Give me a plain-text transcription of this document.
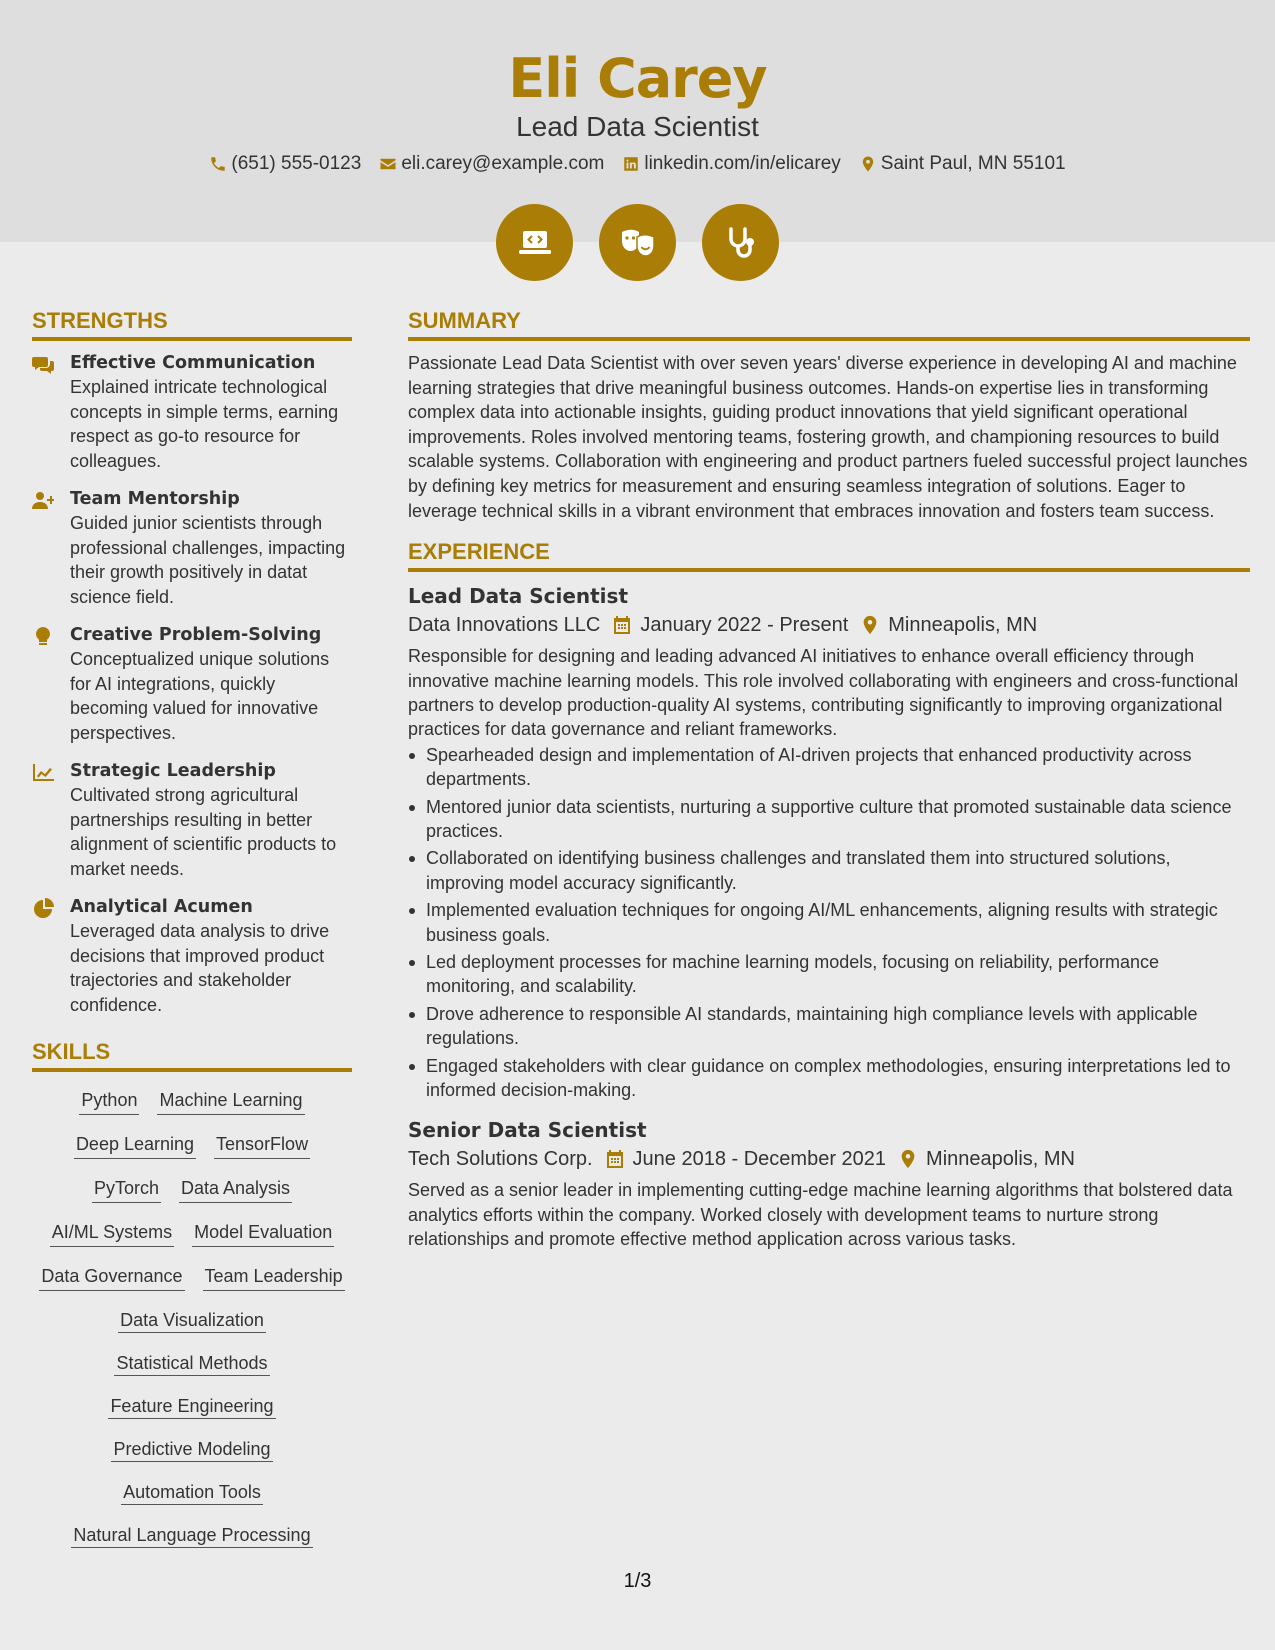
Eli Carey
Lead Data Scientist
(651) 555-0123 eli.carey@example.com linkedin.com/in/elicarey Saint Paul, MN 55101
STRENGTHS
Effective Communication
Explained intricate technological concepts in simple terms, earning respect as go-to resource for colleagues.
Team Mentorship
Guided junior scientists through professional challenges, impacting their growth positively in datat science field.
Creative Problem-Solving
Conceptualized unique solutions for AI integrations, quickly becoming valued for innovative perspectives.
Strategic Leadership
Cultivated strong agricultural partnerships resulting in better alignment of scientific products to market needs.
Analytical Acumen
Leveraged data analysis to drive decisions that improved product trajectories and stakeholder confidence.
SKILLS
Python Machine Learning
Deep Learning TensorFlow
PyTorch Data Analysis
AI/ML Systems Model Evaluation
Data Governance Team Leadership
Data Visualization
Statistical Methods
Feature Engineering
Predictive Modeling
Automation Tools
Natural Language Processing
SUMMARY

Passionate Lead Data Scientist with over seven years' diverse experience in developing AI and machine learning strategies that drive meaningful business outcomes. Hands-on expertise lies in transforming complex data into actionable insights, guiding product innovations that yield significant operational improvements. Roles involved mentoring teams, fostering growth, and championing resources to build scalable systems. Collaboration with engineering and product partners fueled successful project launches by defining key metrics for measurement and ensuring seamless integration of solutions. Eager to leverage technical skills in a vibrant environment that embraces innovation and fosters team success.

EXPERIENCE
Lead Data Scientist
Data Innovations LLC January 2022 - Present Minneapolis, MN

Responsible for designing and leading advanced AI initiatives to enhance overall efficiency through innovative machine learning models. This role involved collaborating with engineers and cross-functional partners to develop production-quality AI systems, contributing significantly to improving organizational practices for data governance and reliant frameworks.

Spearheaded design and implementation of AI-driven projects that enhanced productivity across departments.
Mentored junior data scientists, nurturing a supportive culture that promoted sustainable data science practices.
Collaborated on identifying business challenges and translated them into structured solutions, improving model accuracy significantly.
Implemented evaluation techniques for ongoing AI/ML enhancements, aligning results with strategic business goals.
Led deployment processes for machine learning models, focusing on reliability, performance monitoring, and scalability.
Drove adherence to responsible AI standards, maintaining high compliance levels with applicable regulations.
Engaged stakeholders with clear guidance on complex methodologies, ensuring interpretations led to informed decision-making.
Senior Data Scientist
Tech Solutions Corp. June 2018 - December 2021 Minneapolis, MN

Served as a senior leader in implementing cutting-edge machine learning algorithms that bolstered data analytics efforts within the company. Worked closely with development teams to nurture strong relationships and promote effective method application across various tasks.

1/3
